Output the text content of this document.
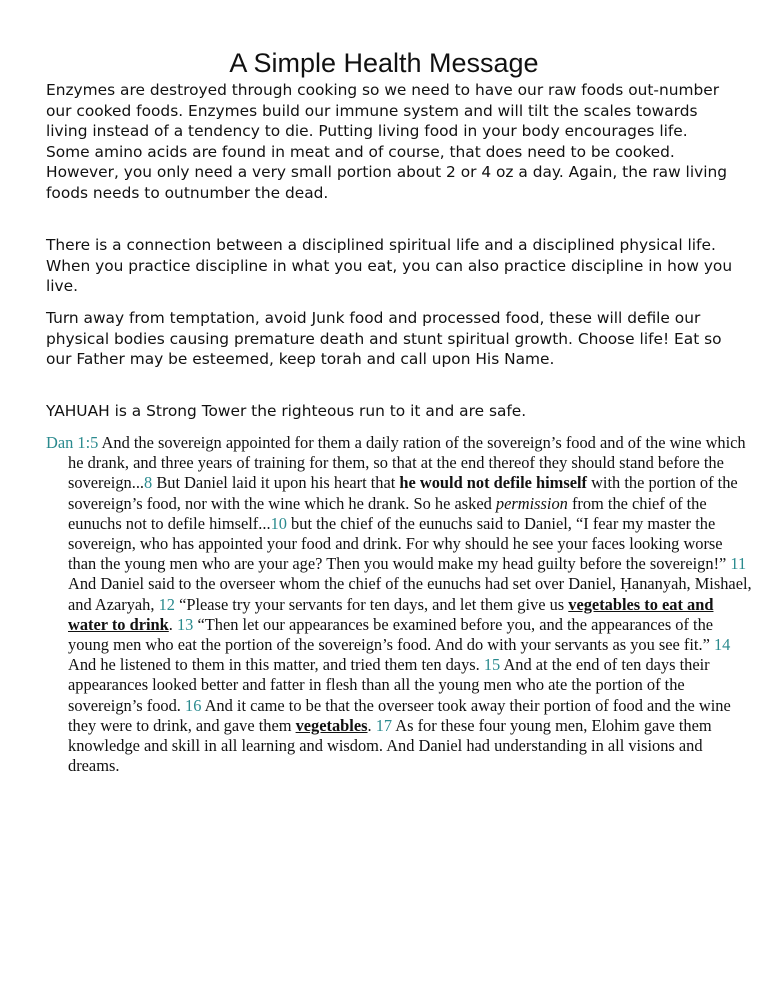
A Simple Health Message

Enzymes are destroyed through cooking so we need to have our raw foods out-number our cooked foods. Enzymes build our immune system and will tilt the scales towards living instead of a tendency to die. Putting living food in your body encourages life. Some amino acids are found in meat and of course, that does need to be cooked. However, you only need a very small portion about 2 or 4 oz a day. Again, the raw living foods needs to outnumber the dead.

There is a connection between a disciplined spiritual life and a disciplined physical life. When you practice discipline in what you eat, you can also practice discipline in how you live.

Turn away from temptation, avoid Junk food and processed food, these will defile our physical bodies causing premature death and stunt spiritual growth. Choose life! Eat so our Father may be esteemed, keep torah and call upon His Name.

YAHUAH is a Strong Tower the righteous run to it and are safe.

Dan 1:5 And the sovereign appointed for them a daily ration of the sovereign’s food and of the wine which he drank, and three years of training for them, so that at the end thereof they should stand before the sovereign...8 But Daniel laid it upon his heart that he would not defile himself with the portion of the sovereign’s food, nor with the wine which he drank. So he asked permission from the chief of the eunuchs not to defile himself...10 but the chief of the eunuchs said to Daniel, “I fear my master the sovereign, who has appointed your food and drink. For why should he see your faces looking worse than the young men who are your age? Then you would make my head guilty before the sovereign!” 11 And Daniel said to the overseer whom the chief of the eunuchs had set over Daniel, Ḥananyah, Mishael, and Azaryah, 12 “Please try your servants for ten days, and let them give us vegetables to eat and water to drink. 13 “Then let our appearances be examined before you, and the appearances of the young men who eat the portion of the sovereign’s food. And do with your servants as you see fit.” 14 And he listened to them in this matter, and tried them ten days. 15 And at the end of ten days their appearances looked better and fatter in flesh than all the young men who ate the portion of the sovereign’s food. 16 And it came to be that the overseer took away their portion of food and the wine they were to drink, and gave them vegetables. 17 As for these four young men, Elohim gave them knowledge and skill in all learning and wisdom. And Daniel had understanding in all visions and dreams.
